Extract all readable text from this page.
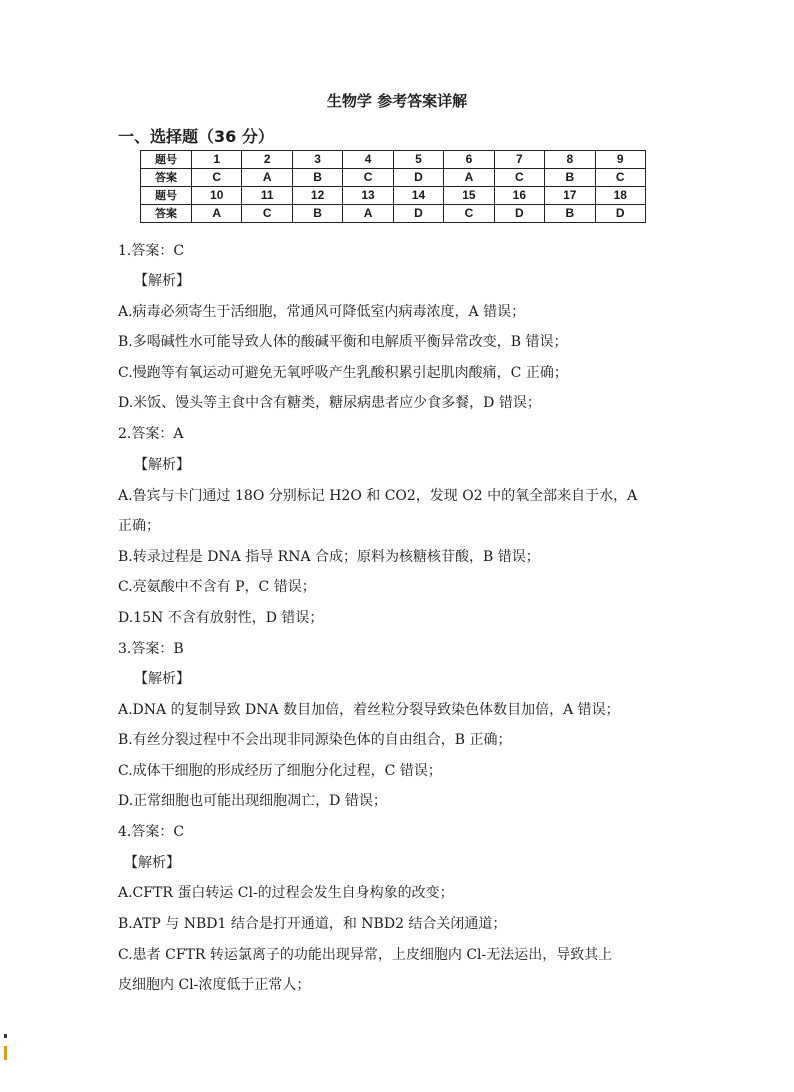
生物学 参考答案详解
一、选择题（36 分）
题号	1	2	3	4	5	6	7	8	9
答案	C	A	B	C	D	A	C	B	C
题号	10	11	12	13	14	15	16	17	18
答案	A	C	B	A	D	C	D	B	D
1.答案：C
【解析】
A.病毒必须寄生于活细胞，常通风可降低室内病毒浓度，A 错误；
B.多喝碱性水可能导致人体的酸碱平衡和电解质平衡异常改变，B 错误；
C.慢跑等有氧运动可避免无氧呼吸产生乳酸积累引起肌肉酸痛，C 正确；
D.米饭、馒头等主食中含有糖类，糖尿病患者应少食多餐，D 错误；
2.答案：A
【解析】
A.鲁宾与卡门通过 18O 分别标记 H2O 和 CO2，发现 O2 中的氧全部来自于水，A
正确；
B.转录过程是 DNA 指导 RNA 合成；原料为核糖核苷酸，B 错误；
C.亮氨酸中不含有 P，C 错误；
D.15N 不含有放射性，D 错误；
3.答案：B
【解析】
A.DNA 的复制导致 DNA 数目加倍，着丝粒分裂导致染色体数目加倍，A 错误；
B.有丝分裂过程中不会出现非同源染色体的自由组合，B 正确；
C.成体干细胞的形成经历了细胞分化过程，C 错误；
D.正常细胞也可能出现细胞凋亡，D 错误；
4.答案：C
【解析】
A.CFTR 蛋白转运 Cl-的过程会发生自身构象的改变；
B.ATP 与 NBD1 结合是打开通道，和 NBD2 结合关闭通道；
C.患者 CFTR 转运氯离子的功能出现异常，上皮细胞内 Cl-无法运出，导致其上
皮细胞内 Cl-浓度低于正常人；
